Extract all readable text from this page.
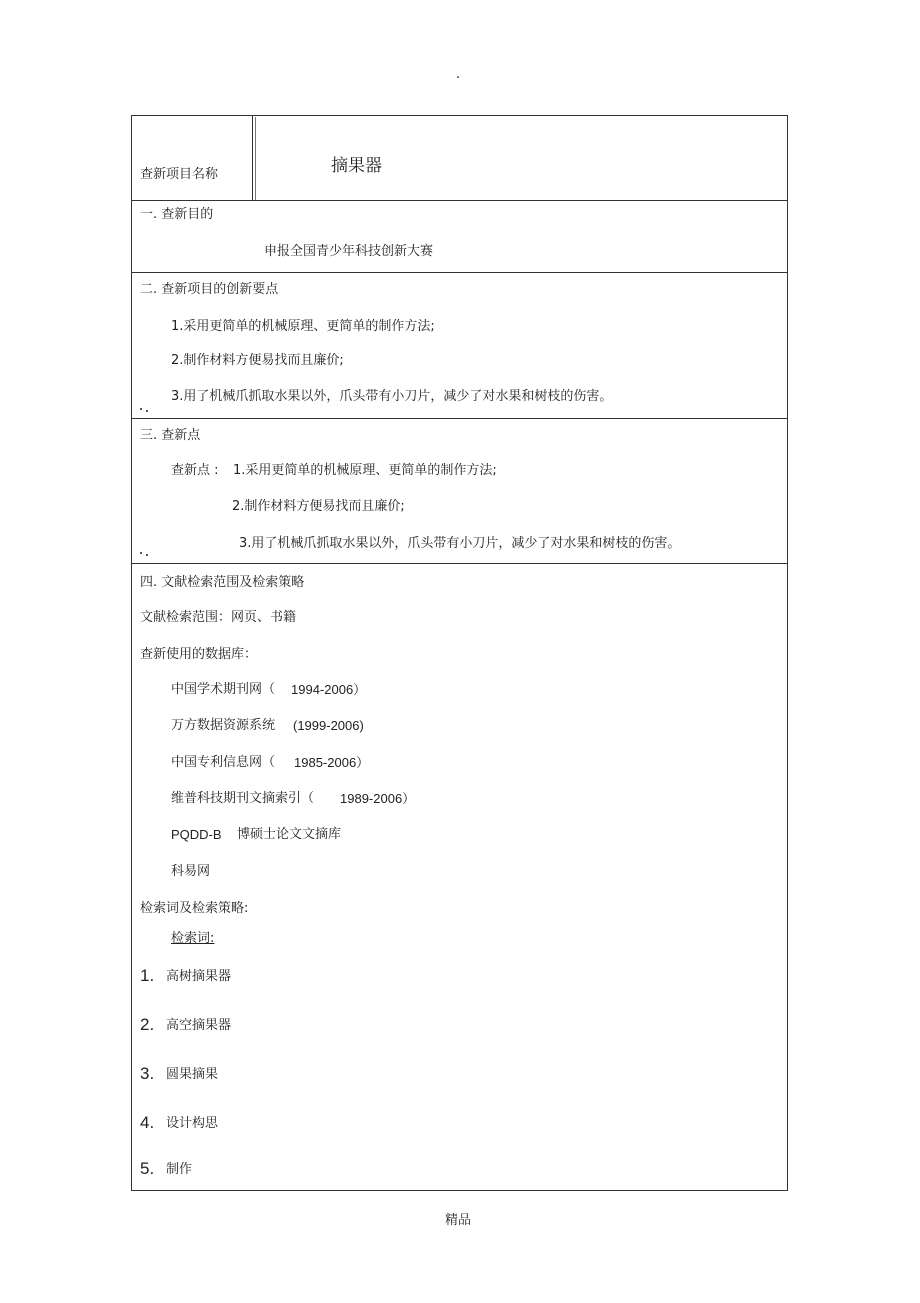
.
查新项目名称	摘果器
一. 查新目的
申报全国青少年科技创新大赛
二. 查新项目的创新要点
1.采用更简单的机械原理、更简单的制作方法;
2.制作材料方便易找而且廉价;
3.用了机械爪抓取水果以外，爪头带有小刀片，减少了对水果和树枝的伤害。
三. 查新点
查新点 : 1.采用更简单的机械原理、更简单的制作方法;
2.制作材料方便易找而且廉价;
3.用了机械爪抓取水果以外，爪头带有小刀片，减少了对水果和树枝的伤害。
四. 文献检索范围及检索策略
文献检索范围：网页、书籍
查新使用的数据库：
中国学术期刊网（ 1994-2006）
万方数据资源系统 (1999-2006)
中国专利信息网（ 1985-2006）
维普科技期刊文摘索引（ 1989-2006）
PQDD-B 博硕士论文文摘库
科易网
检索词及检索策略:
检索词:
1. 高树摘果器
2. 高空摘果器
3. 圆果摘果
4. 设计构思
5. 制作
精品
